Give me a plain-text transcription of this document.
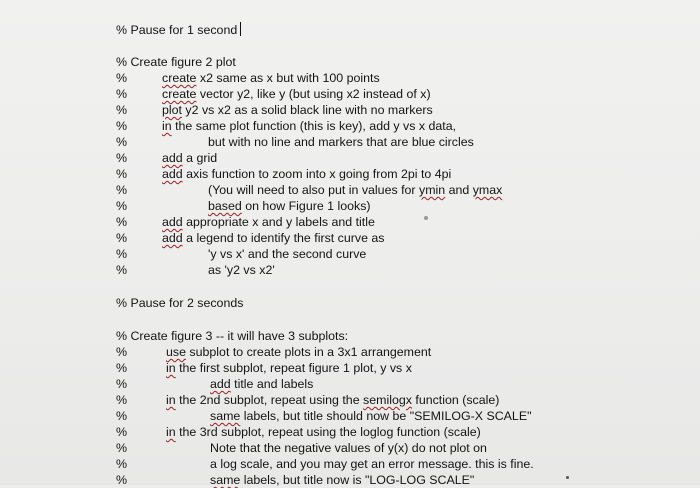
% Pause for 1 second
% Create figure 2 plot
%	create x2 same as x but with 100 points
%	create vector y2, like y (but using x2 instead of x)
%	plot y2 vs x2 as a solid black line with no markers
%	in the same plot function (this is key), add y vs x data,
%	but with no line and markers that are blue circles
%	add a grid
%	add axis function to zoom into x going from 2pi to 4pi
%	(You will need to also put in values for ymin and ymax
%	based on how Figure 1 looks)
%	add appropriate x and y labels and title
%	add a legend to identify the first curve as
%	'y vs x' and the second curve
%	as 'y2 vs x2'
% Pause for 2 seconds
% Create figure 3 -- it will have 3 subplots:
%	use subplot to create plots in a 3x1 arrangement
%	in the first subplot, repeat figure 1 plot, y vs x
%	add title and labels
%	in the 2nd subplot, repeat using the semilogx function (scale)
%	same labels, but title should now be "SEMILOG-X SCALE"
%	in the 3rd subplot, repeat using the loglog function (scale)
%	Note that the negative values of y(x) do not plot on
%	a log scale, and you may get an error message. this is fine.
%	same labels, but title now is "LOG-LOG SCALE"
